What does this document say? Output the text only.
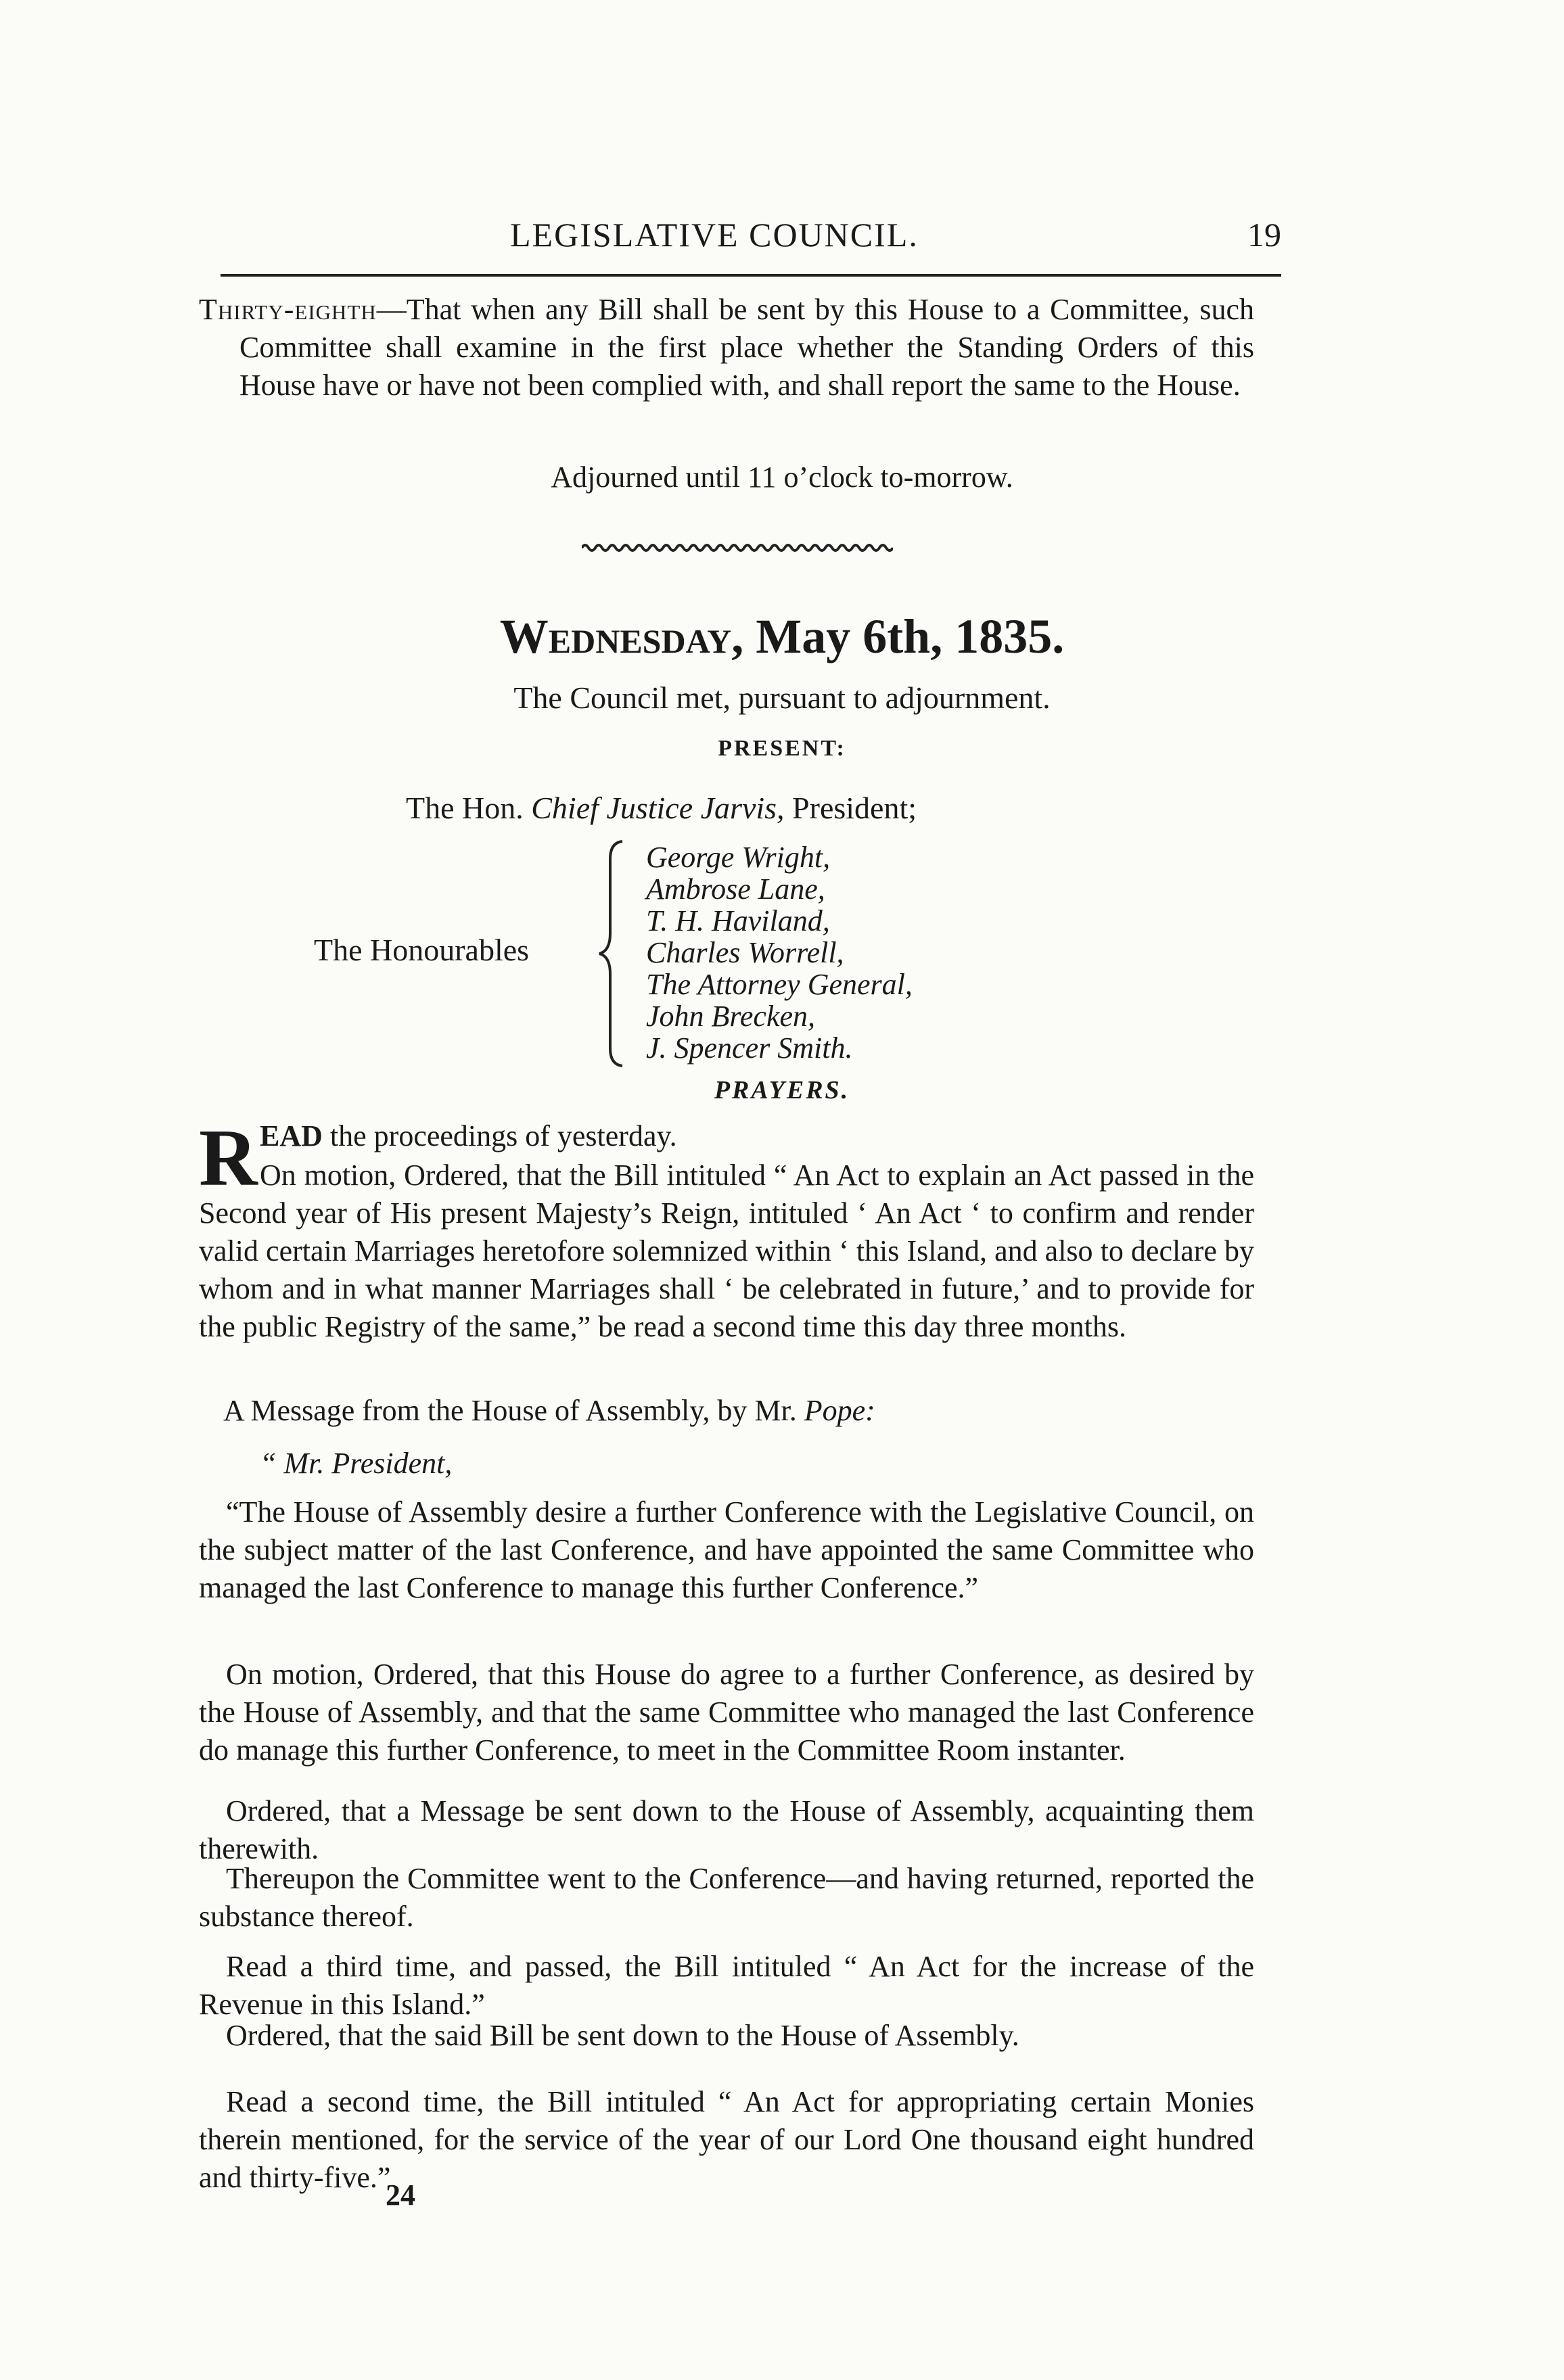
LEGISLATIVE COUNCIL.	19

Thirty-eighth—That when any Bill shall be sent by this House to a Committee, such Committee shall examine in the first place whether the Standing Orders of this House have or have not been complied with, and shall report the same to the House.

Adjourned until 11 o’clock to-morrow.
Wednesday, May 6th, 1835.
The Council met, pursuant to adjournment.
PRESENT:
The Hon. Chief Justice Jarvis, President;
The Honourables
George Wright,
Ambrose Lane,
T. H. Haviland,
Charles Worrell,
The Attorney General,
John Brecken,
J. Spencer Smith.
PRAYERS.
R EAD the proceedings of yesterday.

On motion, Ordered, that the Bill intituled “ An Act to explain an Act passed in the Second year of His present Majesty’s Reign, intituled ‘ An Act ‘ to confirm and render valid certain Marriages heretofore solemnized within ‘ this Island, and also to declare by whom and in what manner Marriages shall ‘ be celebrated in future,’ and to provide for the public Registry of the same,” be read a second time this day three months.

A Message from the House of Assembly, by Mr. Pope:

“ Mr. President,

“The House of Assembly desire a further Conference with the Legislative Council, on the subject matter of the last Conference, and have appointed the same Committee who managed the last Conference to manage this further Conference.”

On motion, Ordered, that this House do agree to a further Conference, as desired by the House of Assembly, and that the same Committee who managed the last Conference do manage this further Conference, to meet in the Committee Room instanter.

Ordered, that a Message be sent down to the House of Assembly, acquainting them therewith.

Thereupon the Committee went to the Conference—and having returned, reported the substance thereof.

Read a third time, and passed, the Bill intituled “ An Act for the increase of the Revenue in this Island.”

Ordered, that the said Bill be sent down to the House of Assembly.

Read a second time, the Bill intituled “ An Act for appropriating certain Monies therein mentioned, for the service of the year of our Lord One thousand eight hundred and thirty-five.”

24
